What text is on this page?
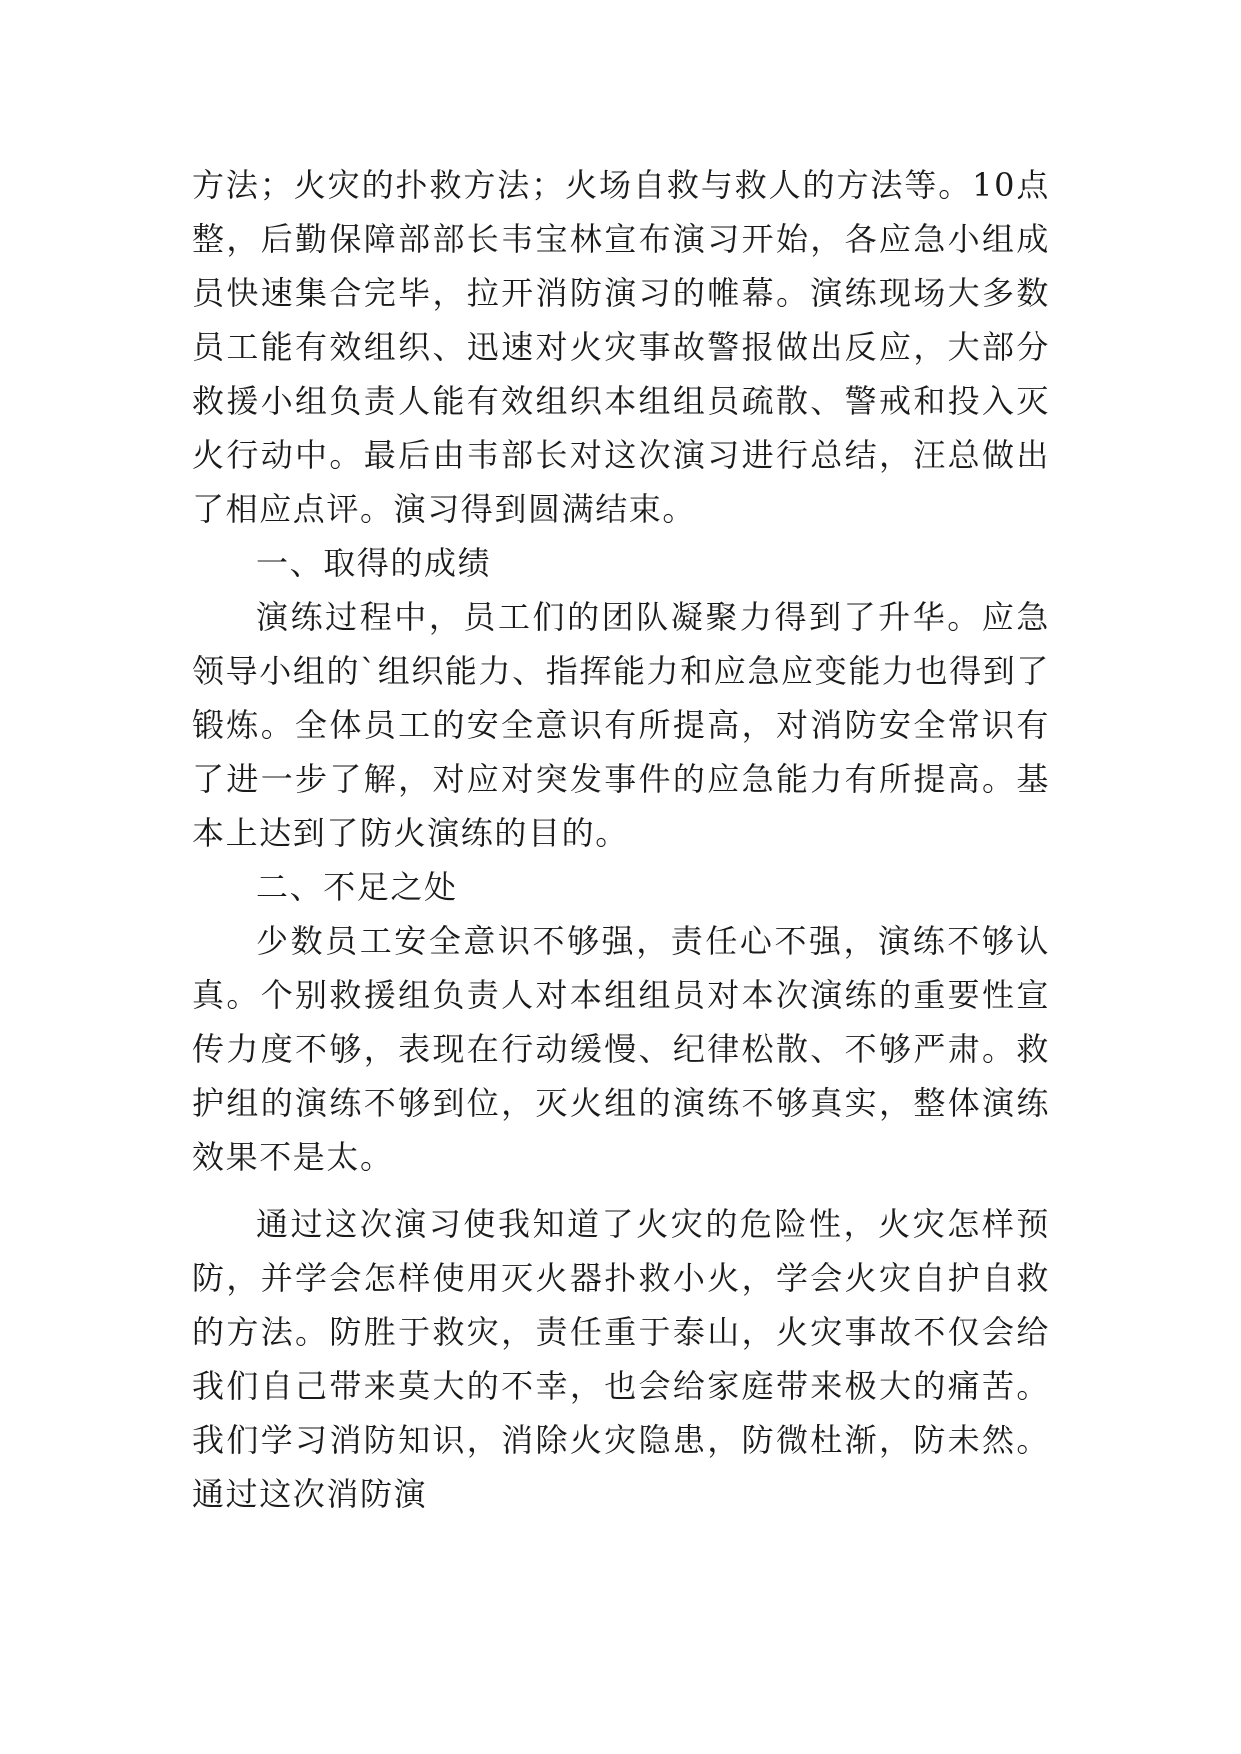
方法；火灾的扑救方法；火场自救与救人的方法等。10点整，后勤保障部部长韦宝林宣布演习开始，各应急小组成员快速集合完毕，拉开消防演习的帷幕。演练现场大多数员工能有效组织、迅速对火灾事故警报做出反应，大部分救援小组负责人能有效组织本组组员疏散、警戒和投入灭火行动中。最后由韦部长对这次演习进行总结，汪总做出了相应点评。演习得到圆满结束。

一、取得的成绩

演练过程中，员工们的团队凝聚力得到了升华。应急领导小组的`组织能力、指挥能力和应急应变能力也得到了锻炼。全体员工的安全意识有所提高，对消防安全常识有了进一步了解，对应对突发事件的应急能力有所提高。基本上达到了防火演练的目的。

二、不足之处

少数员工安全意识不够强，责任心不强，演练不够认真。个别救援组负责人对本组组员对本次演练的重要性宣传力度不够，表现在行动缓慢、纪律松散、不够严肃。救护组的演练不够到位，灭火组的演练不够真实，整体演练效果不是太。

通过这次演习使我知道了火灾的危险性，火灾怎样预防，并学会怎样使用灭火器扑救小火，学会火灾自护自救的方法。防胜于救灾，责任重于泰山，火灾事故不仅会给我们自己带来莫大的不幸，也会给家庭带来极大的痛苦。我们学习消防知识，消除火灾隐患，防微杜渐，防未然。通过这次消防演
